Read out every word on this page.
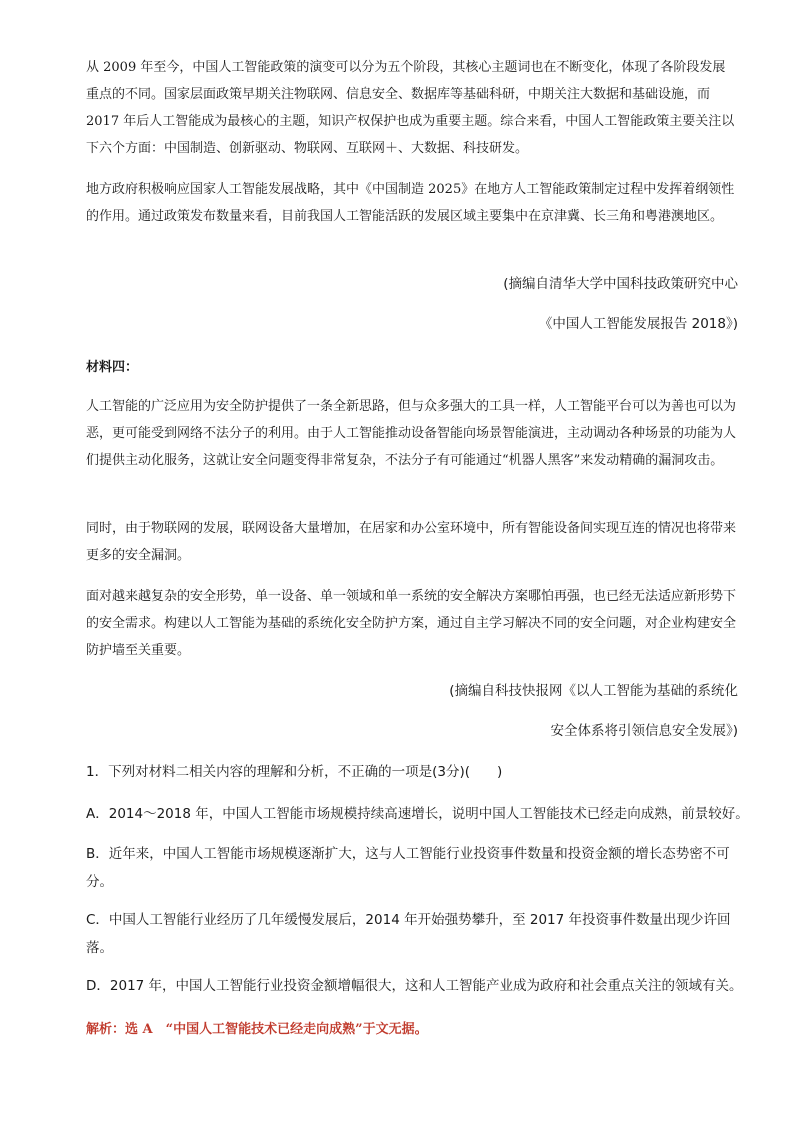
从 2009 年至今，中国人工智能政策的演变可以分为五个阶段，其核心主题词也在不断变化，体现了各阶段发展重点的不同。国家层面政策早期关注物联网、信息安全、数据库等基础科研，中期关注大数据和基础设施，而 2017 年后人工智能成为最核心的主题，知识产权保护也成为重要主题。综合来看，中国人工智能政策主要关注以下六个方面：中国制造、创新驱动、物联网、互联网＋、大数据、科技研发。

地方政府积极响应国家人工智能发展战略，其中《中国制造 2025》在地方人工智能政策制定过程中发挥着纲领性的作用。通过政策发布数量来看，目前我国人工智能活跃的发展区域主要集中在京津冀、长三角和粤港澳地区。

(摘编自清华大学中国科技政策研究中心
《中国人工智能发展报告 2018》)
材料四：

人工智能的广泛应用为安全防护提供了一条全新思路，但与众多强大的工具一样，人工智能平台可以为善也可以为恶，更可能受到网络不法分子的利用。由于人工智能推动设备智能向场景智能演进，主动调动各种场景的功能为人们提供主动化服务，这就让安全问题变得非常复杂，不法分子有可能通过“机器人黑客”来发动精确的漏洞攻击。

同时，由于物联网的发展，联网设备大量增加，在居家和办公室环境中，所有智能设备间实现互连的情况也将带来更多的安全漏洞。

面对越来越复杂的安全形势，单一设备、单一领域和单一系统的安全解决方案哪怕再强，也已经无法适应新形势下的安全需求。构建以人工智能为基础的系统化安全防护方案，通过自主学习解决不同的安全问题，对企业构建安全防护墙至关重要。

(摘编自科技快报网《以人工智能为基础的系统化
安全体系将引领信息安全发展》)
1．下列对材料二相关内容的理解和分析，不正确的一项是(3分)(　　)
A．2014～2018 年，中国人工智能市场规模持续高速增长，说明中国人工智能技术已经走向成熟，前景较好。
B．近年来，中国人工智能市场规模逐渐扩大，这与人工智能行业投资事件数量和投资金额的增长态势密不可分。
C．中国人工智能行业经历了几年缓慢发展后，2014 年开始强势攀升，至 2017 年投资事件数量出现少许回落。
D．2017 年，中国人工智能行业投资金额增幅很大，这和人工智能产业成为政府和社会重点关注的领域有关。
解析：选 A　“中国人工智能技术已经走向成熟”于文无据。
